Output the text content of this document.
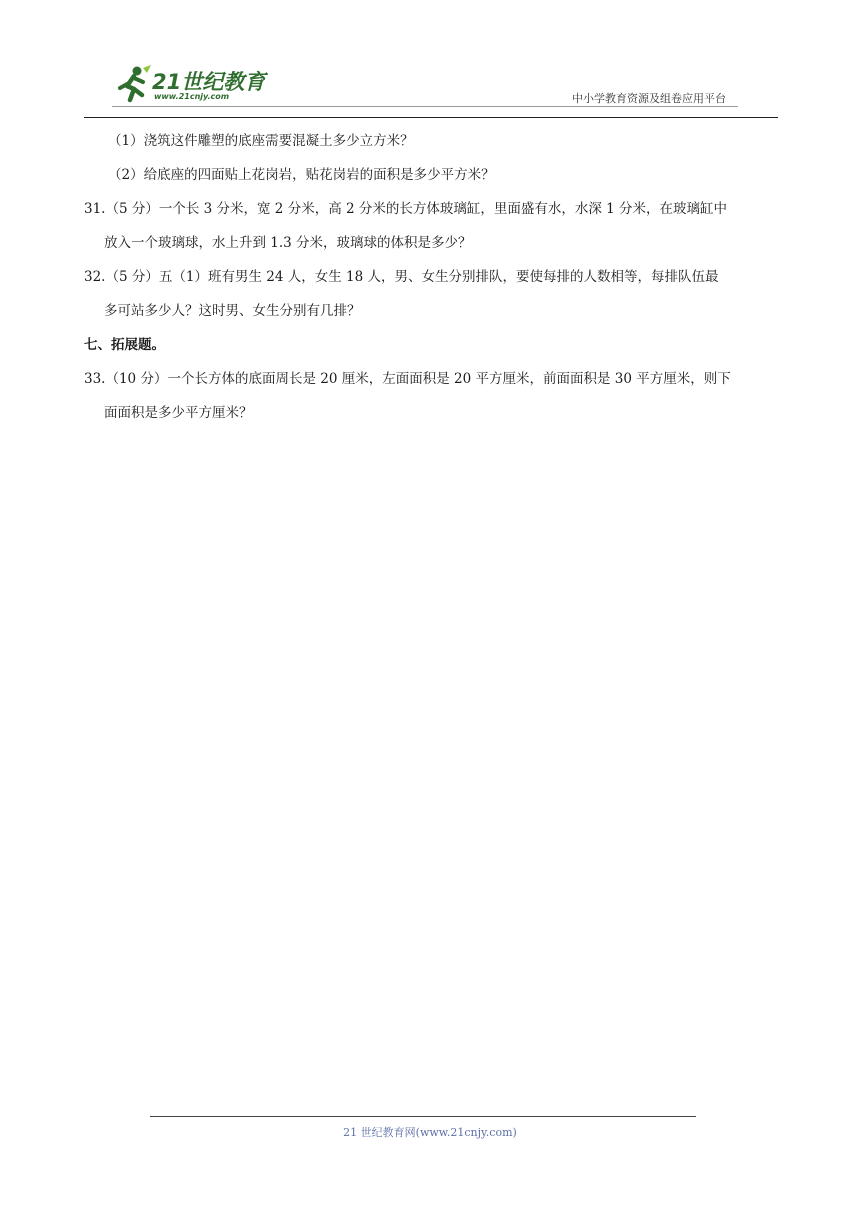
21世纪教育
www.21cnjy.com	中小学教育资源及组卷应用平台
（1）浇筑这件雕塑的底座需要混凝土多少立方米？
（2）给底座的四面贴上花岗岩，贴花岗岩的面积是多少平方米？
31.（5 分）一个长 3 分米，宽 2 分米，高 2 分米的长方体玻璃缸，里面盛有水，水深 1 分米，在玻璃缸中
放入一个玻璃球，水上升到 1.3 分米，玻璃球的体积是多少？
32.（5 分）五（1）班有男生 24 人，女生 18 人，男、女生分别排队，要使每排的人数相等，每排队伍最
多可站多少人？这时男、女生分别有几排？
七、拓展题。
33.（10 分）一个长方体的底面周长是 20 厘米，左面面积是 20 平方厘米，前面面积是 30 平方厘米，则下
面面积是多少平方厘米？
21 世纪教育网(www.21cnjy.com)
